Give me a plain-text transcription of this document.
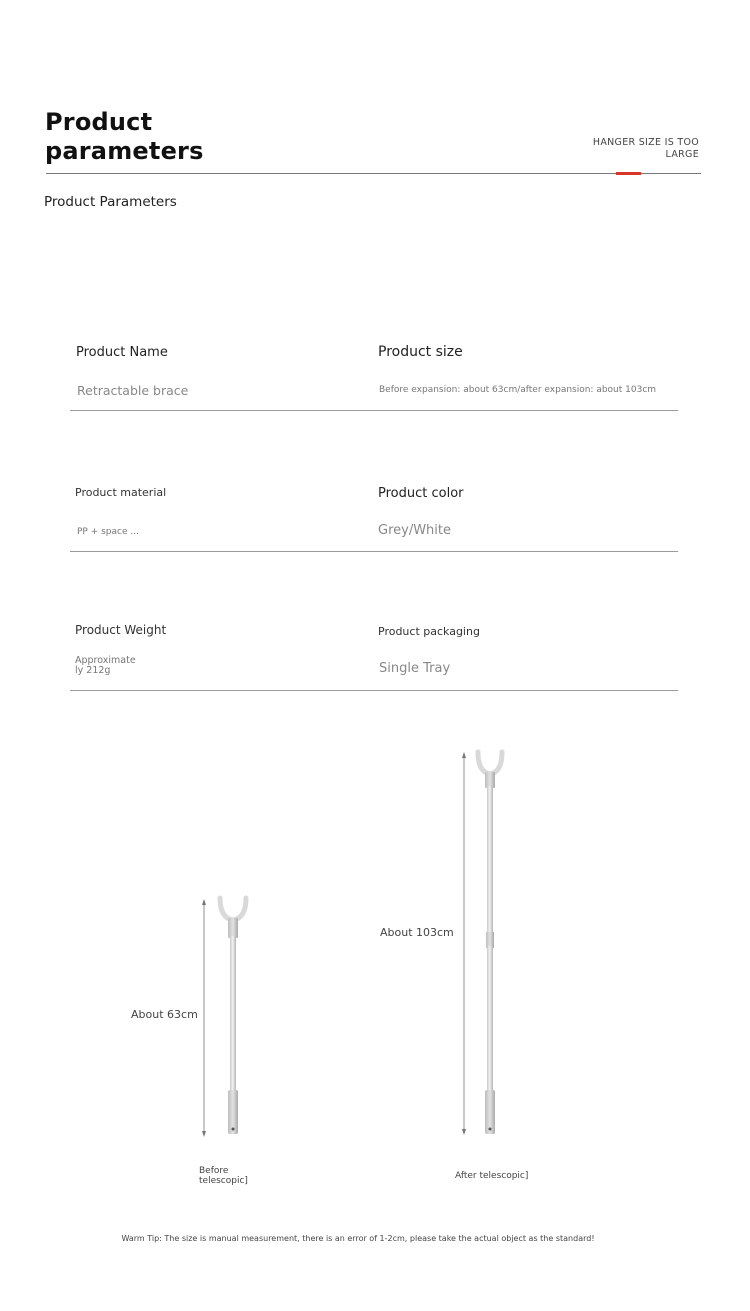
Product
parameters	HANGER SIZE IS TOO
LARGE
Product Parameters
Product Name
Retractable brace
Product size
Before expansion: about 63cm/after expansion: about 103cm
Product material
PP + space ...
Product color
Grey/White
Product Weight
Approximate
ly 212g
Product packaging
Single Tray
About 63cm
About 103cm
Before
telescopic]	After telescopic]
Warm Tip: The size is manual measurement, there is an error of 1-2cm, please take the actual object as the standard!
